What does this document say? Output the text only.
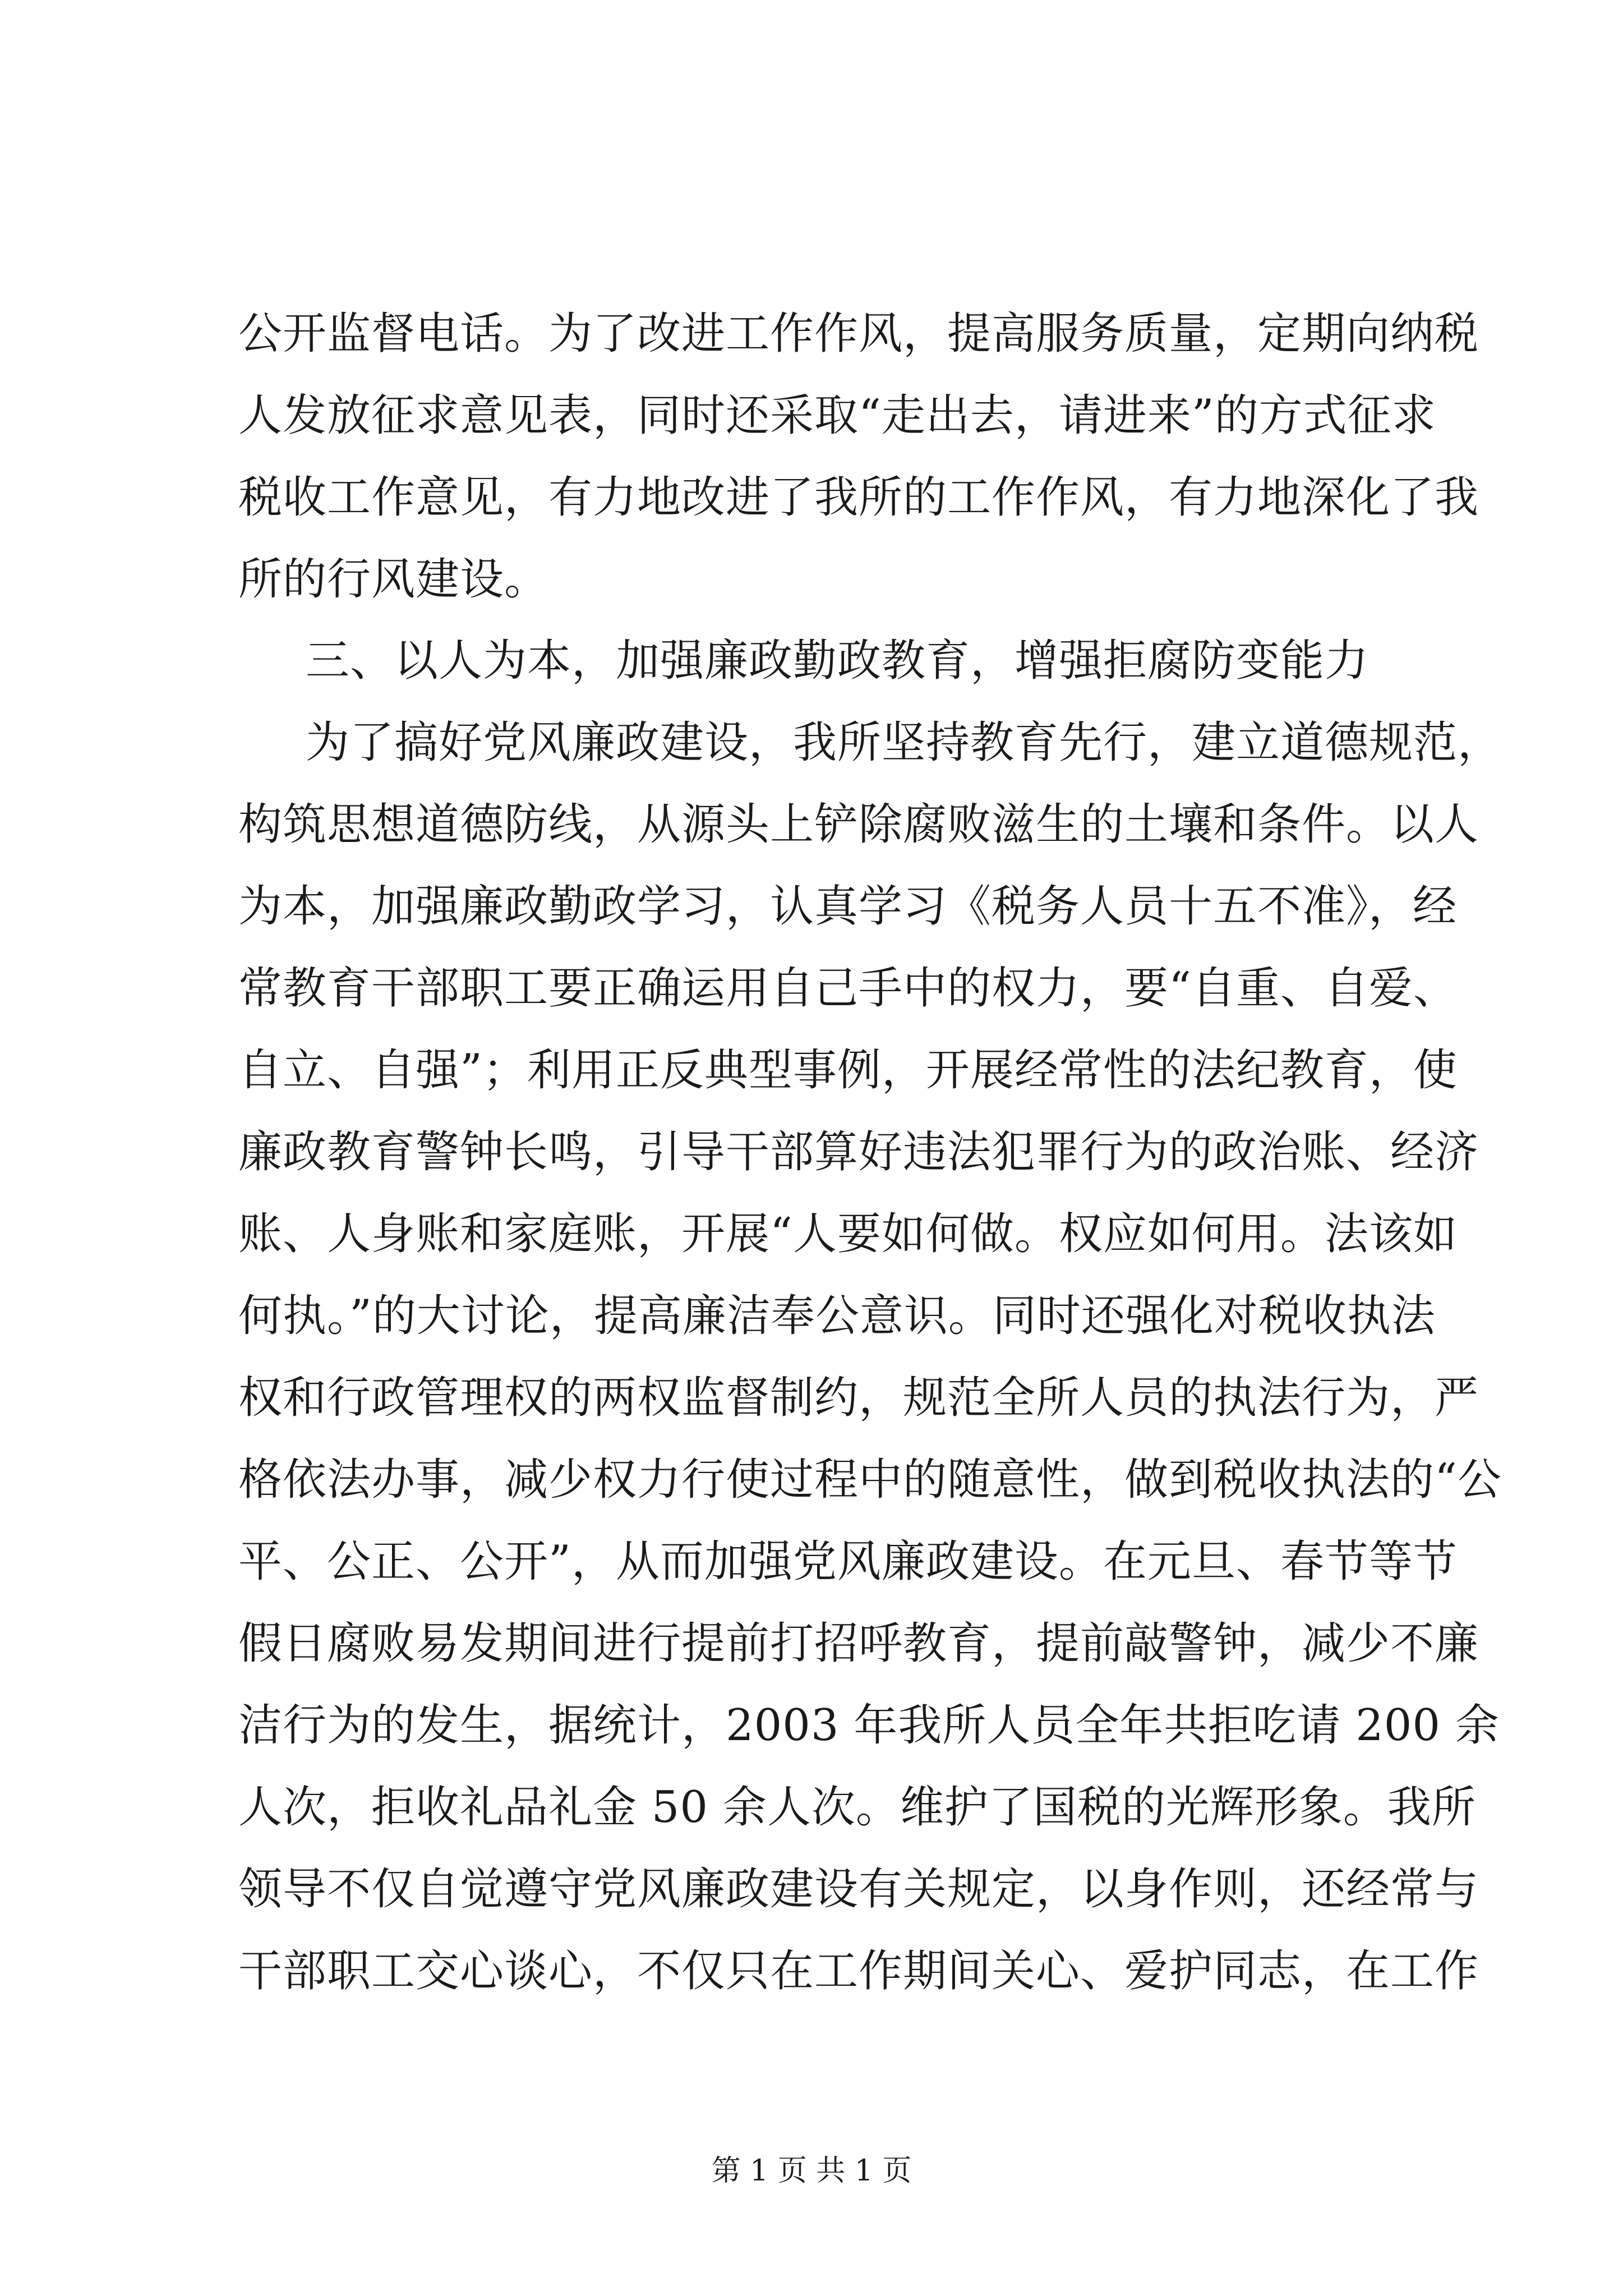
公开监督电话。为了改进工作作风，提高服务质量，定期向纳税
人发放征求意见表，同时还采取“走出去，请进来”的方式征求
税收工作意见，有力地改进了我所的工作作风，有力地深化了我
所的行风建设。
三、以人为本，加强廉政勤政教育，增强拒腐防变能力
为了搞好党风廉政建设，我所坚持教育先行，建立道德规范，
构筑思想道德防线，从源头上铲除腐败滋生的土壤和条件。以人
为本，加强廉政勤政学习，认真学习《税务人员十五不准》，经
常教育干部职工要正确运用自己手中的权力，要“自重、自爱、
自立、自强”；利用正反典型事例，开展经常性的法纪教育，使
廉政教育警钟长鸣，引导干部算好违法犯罪行为的政治账、经济
账、人身账和家庭账，开展“人要如何做。权应如何用。法该如
何执。”的大讨论，提高廉洁奉公意识。同时还强化对税收执法
权和行政管理权的两权监督制约，规范全所人员的执法行为，严
格依法办事，减少权力行使过程中的随意性，做到税收执法的“公
平、公正、公开”，从而加强党风廉政建设。在元旦、春节等节
假日腐败易发期间进行提前打招呼教育，提前敲警钟，减少不廉
洁行为的发生，据统计，2003 年我所人员全年共拒吃请 200 余
人次，拒收礼品礼金 50 余人次。维护了国税的光辉形象。我所
领导不仅自觉遵守党风廉政建设有关规定，以身作则，还经常与
干部职工交心谈心，不仅只在工作期间关心、爱护同志，在工作
第 1 页 共 1 页
